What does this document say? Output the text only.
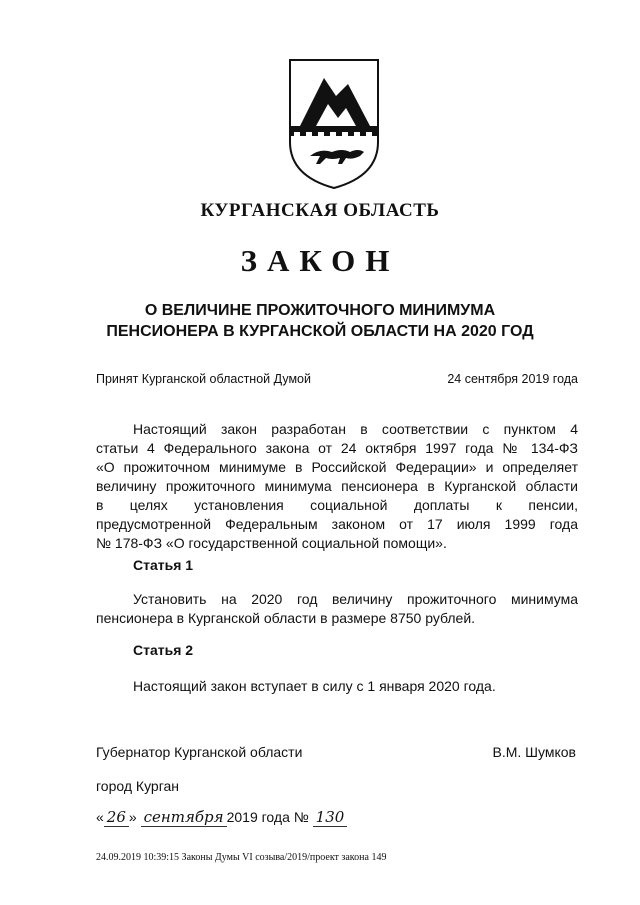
КУРГАНСКАЯ ОБЛАСТЬ
ЗАКОН
О ВЕЛИЧИНЕ ПРОЖИТОЧНОГО МИНИМУМА
ПЕНСИОНЕРА В КУРГАНСКОЙ ОБЛАСТИ НА 2020 ГОД
Принят Курганской областной Думой	24 сентября 2019 года
Настоящий закон разработан в соответствии с пунктом 4
статьи 4 Федерального закона от 24 октября 1997 года № 134-ФЗ
«О прожиточном минимуме в Российской Федерации» и определяет
величину прожиточного минимума пенсионера в Курганской области
в целях установления социальной доплаты к пенсии,
предусмотренной Федеральным законом от 17 июля 1999 года
№ 178-ФЗ «О государственной социальной помощи».
Статья 1
Установить на 2020 год величину прожиточного минимума
пенсионера в Курганской области в размере 8750 рублей.
Статья 2
Настоящий закон вступает в силу с 1 января 2020 года.
Губернатор Курганской области	В.М. Шумков
город Курган
« 26 » сентября 2019 года № 130
24.09.2019 10:39:15 Законы Думы VI созыва/2019/проект закона 149
